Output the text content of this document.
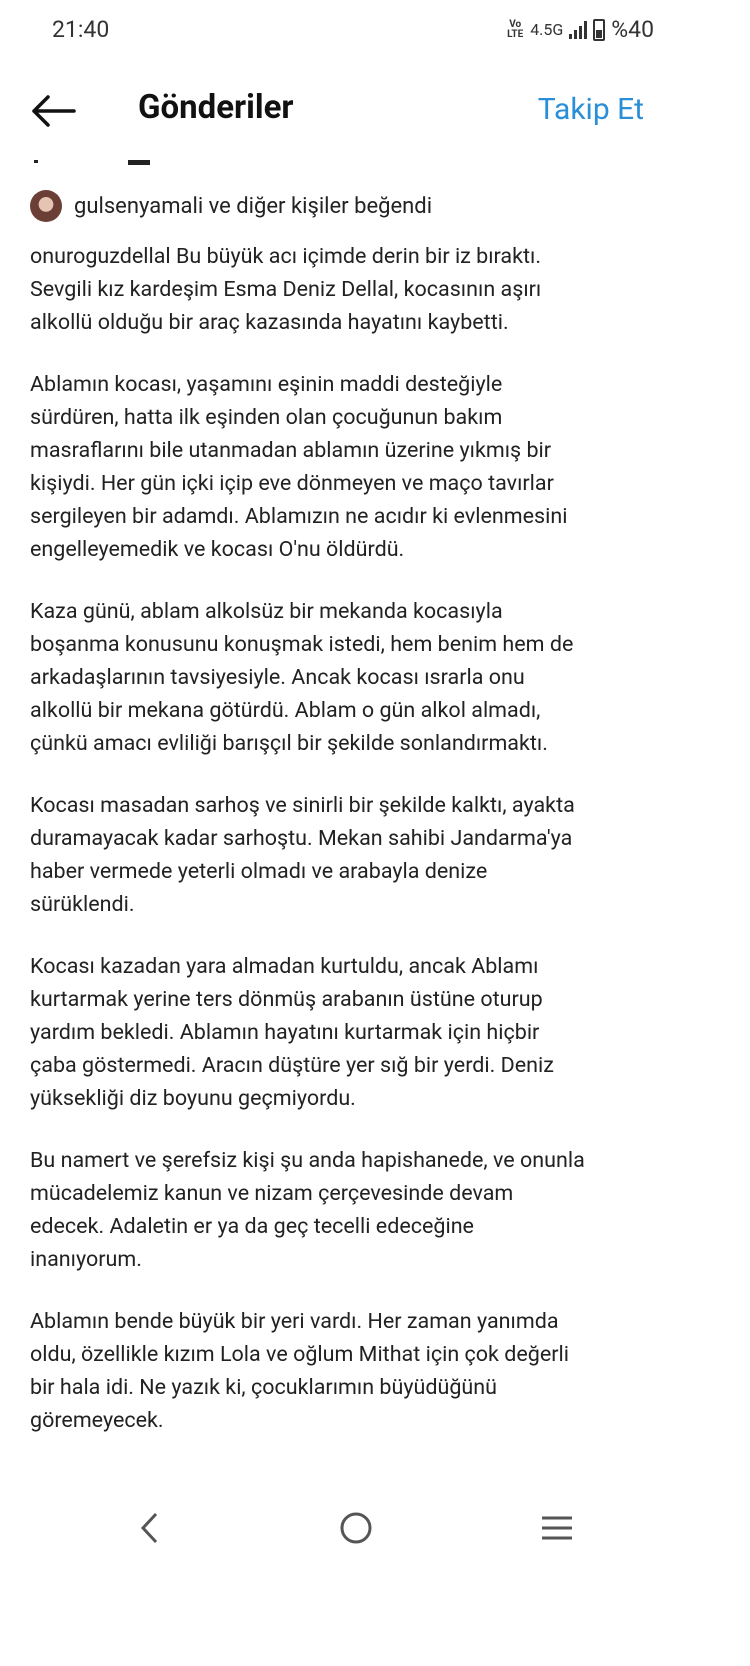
21:40	Vo LTE 4.5G %40
Gönderiler	Takip Et
gulsenyamali ve diğer kişiler beğendi

onuroguzdellal Bu büyük acı içimde derin bir iz bıraktı.
Sevgili kız kardeşim Esma Deniz Dellal, kocasının aşırı
alkollü olduğu bir araç kazasında hayatını kaybetti.

Ablamın kocası, yaşamını eşinin maddi desteğiyle
sürdüren, hatta ilk eşinden olan çocuğunun bakım
masraflarını bile utanmadan ablamın üzerine yıkmış bir
kişiydi. Her gün içki içip eve dönmeyen ve maço tavırlar
sergileyen bir adamdı. Ablamızın ne acıdır ki evlenmesini
engelleyemedik ve kocası O'nu öldürdü.

Kaza günü, ablam alkolsüz bir mekanda kocasıyla
boşanma konusunu konuşmak istedi, hem benim hem de
arkadaşlarının tavsiyesiyle. Ancak kocası ısrarla onu
alkollü bir mekana götürdü. Ablam o gün alkol almadı,
çünkü amacı evliliği barışçıl bir şekilde sonlandırmaktı.

Kocası masadan sarhoş ve sinirli bir şekilde kalktı, ayakta
duramayacak kadar sarhoştu. Mekan sahibi Jandarma'ya
haber vermede yeterli olmadı ve arabayla denize
sürüklendi.

Kocası kazadan yara almadan kurtuldu, ancak Ablamı
kurtarmak yerine ters dönmüş arabanın üstüne oturup
yardım bekledi. Ablamın hayatını kurtarmak için hiçbir
çaba göstermedi. Aracın düştüre yer sığ bir yerdi. Deniz
yüksekliği diz boyunu geçmiyordu.

Bu namert ve şerefsiz kişi şu anda hapishanede, ve onunla
mücadelemiz kanun ve nizam çerçevesinde devam
edecek. Adaletin er ya da geç tecelli edeceğine
inanıyorum.

Ablamın bende büyük bir yeri vardı. Her zaman yanımda
oldu, özellikle kızım Lola ve oğlum Mithat için çok değerli
bir hala idi. Ne yazık ki, çocuklarımın büyüdüğünü
göremeyecek.
